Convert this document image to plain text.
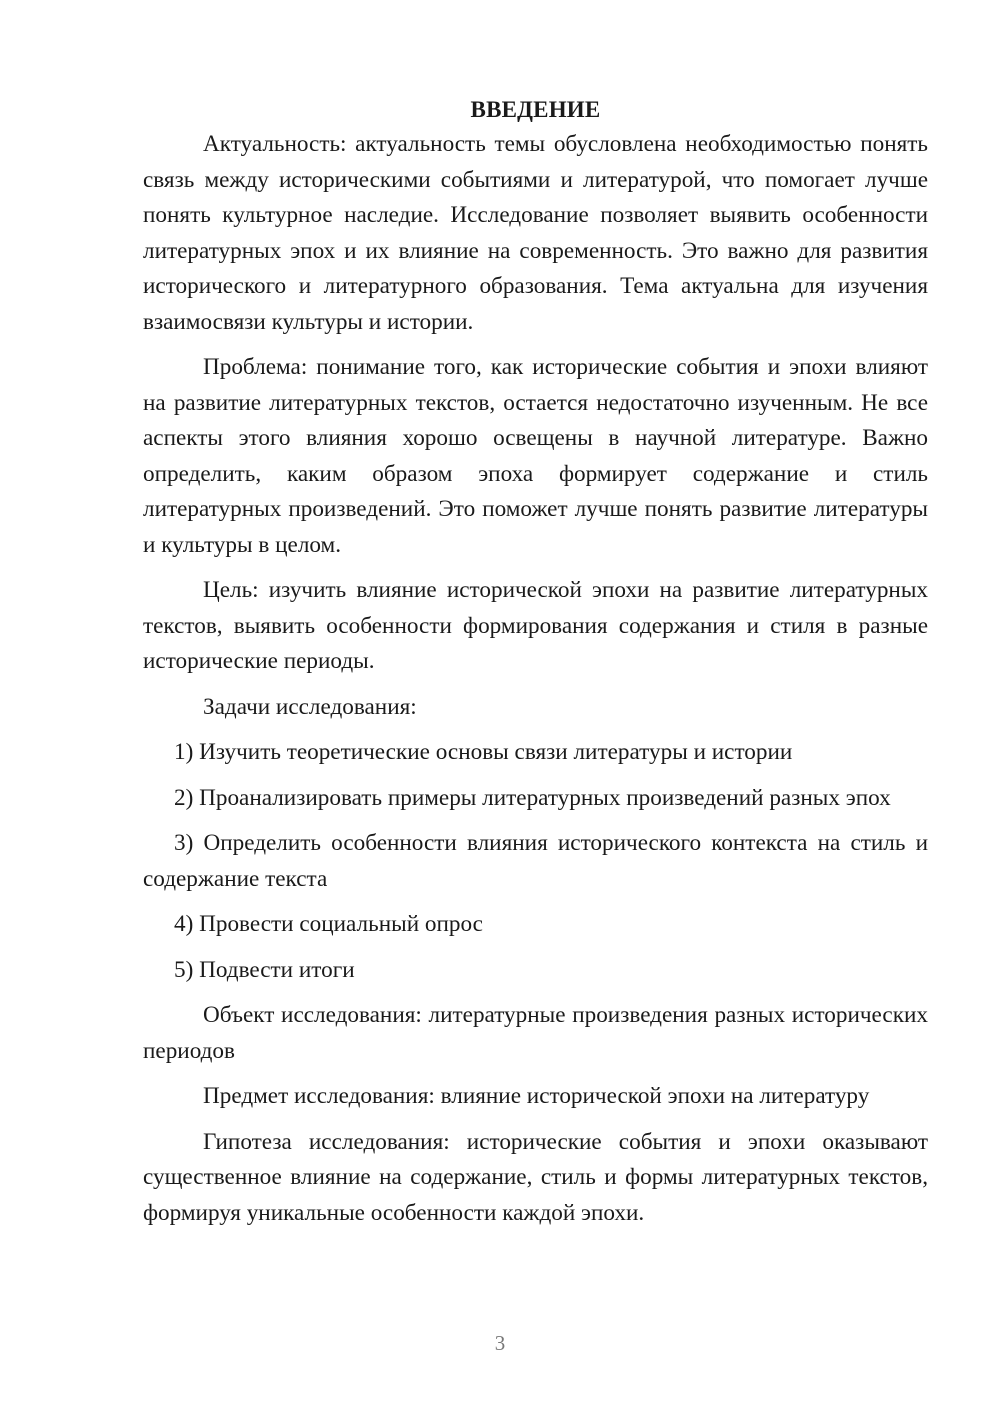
ВВЕДЕНИЕ

Актуальность: актуальность темы обусловлена необходимостью понять связь между историческими событиями и литературой, что помогает лучше понять культурное наследие. Исследование позволяет выявить особенности литературных эпох и их влияние на современность. Это важно для развития исторического и литературного образования. Тема актуальна для изучения взаимосвязи культуры и истории.

Проблема: понимание того, как исторические события и эпохи влияют на развитие литературных текстов, остается недостаточно изученным. Не все аспекты этого влияния хорошо освещены в научной литературе. Важно определить, каким образом эпоха формирует содержание и стиль литературных произведений. Это поможет лучше понять развитие литературы и культуры в целом.

Цель: изучить влияние исторической эпохи на развитие литературных текстов, выявить особенности формирования содержания и стиля в разные исторические периоды.

Задачи исследования:

1) Изучить теоретические основы связи литературы и истории

2) Проанализировать примеры литературных произведений разных эпох

3) Определить особенности влияния исторического контекста на стиль и содержание текста

4) Провести социальный опрос

5) Подвести итоги

Объект исследования: литературные произведения разных исторических периодов

Предмет исследования: влияние исторической эпохи на литературу

Гипотеза исследования: исторические события и эпохи оказывают существенное влияние на содержание, стиль и формы литературных текстов, формируя уникальные особенности каждой эпохи.

3
